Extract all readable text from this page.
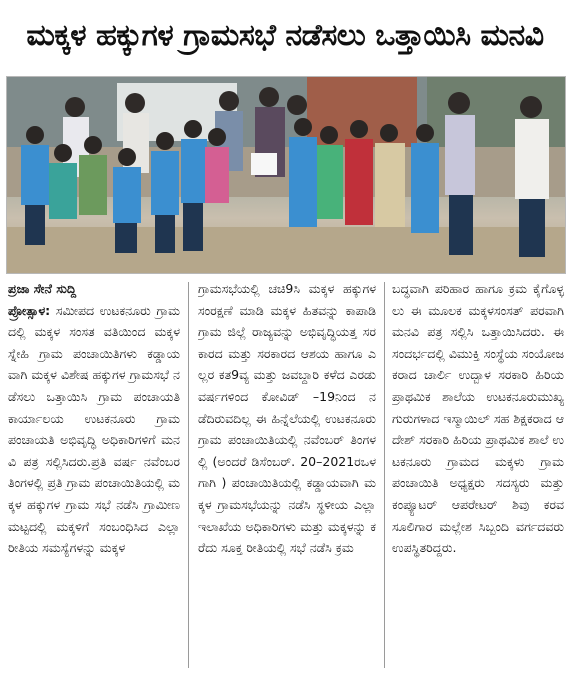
ಮಕ್ಕಳ ಹಕ್ಕುಗಳ ಗ್ರಾಮಸಭೆ ನಡೆಸಲು ಒತ್ತಾಯಿಸಿ ಮನವಿ

ಪ್ರಜಾ ಸೇನೆ ಸುದ್ದಿ
ಪ್ರೋತ್ಸಾಳ: ಸಮೀಪದ ಉಟಕನೂರು ಗ್ರಾಮದಲ್ಲಿ ಮಕ್ಕಳ ಸಂಸತ ವತಿಯಿಂದ ಮಕ್ಕಳ ಸ್ನೇಹಿ ಗ್ರಾಮ ಪಂಚಾಯಿತಿಗಳು ಕಡ್ಡಾಯವಾಗಿ ಮಕ್ಕಳ ವಿಶೇಷ ಹಕ್ಕುಗಳ ಗ್ರಾಮಸಭೆ ನಡೆಸಲು ಒತ್ತಾಯಿಸಿ ಗ್ರಾಮ ಪಂಚಾಯತಿ ಕಾರ್ಯಾಲಯ ಉಟಕನೂರು ಗ್ರಾಮ ಪಂಚಾಯತಿ ಅಭಿವೃದ್ಧಿ ಅಧಿಕಾರಿಗಳಿಗೆ ಮನವಿ ಪತ್ರ ಸಲ್ಲಿಸಿದರು.ಪ್ರತಿ ವರ್ಷ ನವೆಂಬರ ತಿಂಗಳಲ್ಲಿ ಪ್ರತಿ ಗ್ರಾಮ ಪಂಚಾಯಿತಿಯಲ್ಲಿ ಮಕ್ಕಳ ಹಕ್ಕುಗಳ ಗ್ರಾಮ ಸಭೆ ನಡೆಸಿ ಗ್ರಾಮೀಣ ಮಟ್ಟದಲ್ಲಿ ಮಕ್ಕಳಿಗೆ ಸಂಬಂಧಿಸಿದ ಎಲ್ಲಾ ರೀತಿಯ ಸಮಸ್ಯೆಗಳನ್ನು ಮಕ್ಕಳ

ಗ್ರಾಮಸಭೆಯಲ್ಲಿ ಚಚಿ9ಸಿ ಮಕ್ಕಳ ಹಕ್ಕುಗಳ ಸಂರಕ್ಷಣೆ ಮಾಡಿ ಮಕ್ಕಳ ಹಿತವನ್ನು ಕಾಪಾಡಿ ಗ್ರಾಮ ಜಿಲ್ಲೆ ರಾಜ್ಯವನ್ನು ಅಭಿವೃದ್ಧಿಯತ್ತ ಸರಕಾರದ ಮತ್ತು ಸರಕಾರದ ಆಶಯ ಹಾಗೂ ಎಲ್ಲರ ಕತ9ವ್ಯ ಮತ್ತು ಜವಬ್ದಾರಿ ಕಳೆದ ಎರಡು ವರ್ಷಗಳಿಂದ ಕೋವಿಡ್ –19ನಿಂದ ನಡೆದಿರುವದಿಲ್ಲ ಈ ಹಿನ್ನೆಲೆಯಲ್ಲಿ ಉಟಕನೂರು ಗ್ರಾಮ ಪಂಚಾಯಿತಿಯಲ್ಲಿ ನವೆಂಬರ್ ತಿಂಗಳಲ್ಲಿ (ಅಂದರೆ ಡಿಸೆಂಬರ್. 20–2021ರಒಳಗಾಗಿ ) ಪಂಚಾಯಿತಿಯಲ್ಲಿ ಕಡ್ಡಾಯವಾಗಿ ಮಕ್ಕಳ ಗ್ರಾಮಸಭೆಯನ್ನು ನಡೆಸಿ ಸ್ಥಳೀಯ ಎಲ್ಲಾ ಇಲಾಖೆಯ ಅಧಿಕಾರಿಗಳು ಮತ್ತು ಮಕ್ಕಳನ್ನು ಕರೆದು ಸೂಕ್ತ ರೀತಿಯಲ್ಲಿ ಸಭೆ ನಡೆಸಿ ಕ್ರಮ

ಬದ್ಧವಾಗಿ ಪರಿಹಾರ ಹಾಗೂ ಕ್ರಮ ಕೈಗೊಳ್ಳಲು ಈ ಮೂಲಕ ಮಕ್ಕಳಸಂಸತ್ ಪರವಾಗಿ ಮನವಿ ಪತ್ರ ಸಲ್ಲಿಸಿ ಒತ್ತಾಯಿಸಿದರು. ಈ ಸಂದರ್ಭದಲ್ಲಿ ವಿಮುಕ್ತಿ ಸಂಸ್ಥೆಯ ಸಂಯೋಜಕರಾದ ಚಾರ್ಲಿ ಉದ್ಬಾಳ ಸರಕಾರಿ ಹಿರಿಯ ಪ್ರಾಥಮಿಕ ಶಾಲೆಯ ಉಟಕನೂರುಮುಖ್ಯಗುರುಗಳಾದ ಇಸ್ಮಾಯಿಲ್ ಸಹ ಶಿಕ್ಷಕರಾದ ಆದೇಶ್ ಸರಕಾರಿ ಹಿರಿಯ ಪ್ರಾಥಮಿಕ ಶಾಲೆ ಉಟಕನೂರು ಗ್ರಾಮದ ಮಕ್ಕಳು ಗ್ರಾಮ ಪಂಚಾಯಿತಿ ಅಧ್ಯಕ್ಷರು ಸದಸ್ಯರು ಮತ್ತು ಕಂಪ್ಯೂಟರ್ ಆಪರೇಟರ್ ಶಿವು ಕರವಸೂಲಿಗಾರ ಮಲ್ಲೇಶ ಸಿಬ್ಬಂದಿ ವರ್ಗದವರು ಉಪಸ್ಥಿತರಿದ್ದರು.
